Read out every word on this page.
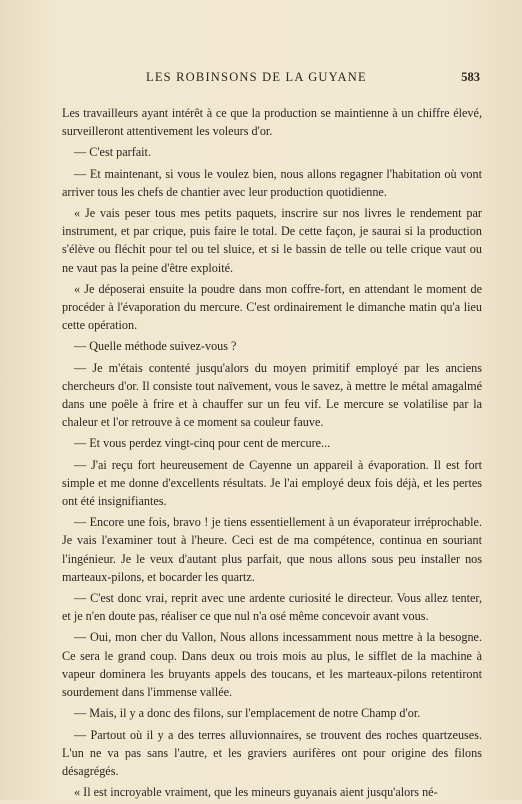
LES ROBINSONS DE LA GUYANE	583

Les travailleurs ayant intérêt à ce que la production se maintienne à un chiffre élevé, surveilleront attentivement les voleurs d'or.

— C'est parfait.

— Et maintenant, si vous le voulez bien, nous allons regagner l'habitation où vont arriver tous les chefs de chantier avec leur production quotidienne.

« Je vais peser tous mes petits paquets, inscrire sur nos livres le rendement par instrument, et par crique, puis faire le total. De cette façon, je saurai si la production s'élève ou fléchit pour tel ou tel sluice, et si le bassin de telle ou telle crique vaut ou ne vaut pas la peine d'être exploité.

« Je déposerai ensuite la poudre dans mon coffre-fort, en attendant le moment de procéder à l'évaporation du mercure. C'est ordinairement le dimanche matin qu'a lieu cette opération.

— Quelle méthode suivez-vous ?

— Je m'étais contenté jusqu'alors du moyen primitif employé par les anciens chercheurs d'or. Il consiste tout naïvement, vous le savez, à mettre le métal amagalmé dans une poêle à frire et à chauffer sur un feu vif. Le mercure se volatilise par la chaleur et l'or retrouve à ce moment sa couleur fauve.

— Et vous perdez vingt-cinq pour cent de mercure...

— J'ai reçu fort heureusement de Cayenne un appareil à évaporation. Il est fort simple et me donne d'excellents résultats. Je l'ai employé deux fois déjà, et les pertes ont été insignifiantes.

— Encore une fois, bravo ! je tiens essentiellement à un évaporateur irréprochable. Je vais l'examiner tout à l'heure. Ceci est de ma compétence, continua en souriant l'ingénieur. Je le veux d'autant plus parfait, que nous allons sous peu installer nos marteaux-pilons, et bocarder les quartz.

— C'est donc vrai, reprit avec une ardente curiosité le directeur. Vous allez tenter, et je n'en doute pas, réaliser ce que nul n'a osé même concevoir avant vous.

— Oui, mon cher du Vallon, Nous allons incessamment nous mettre à la besogne. Ce sera le grand coup. Dans deux ou trois mois au plus, le sifflet de la machine à vapeur dominera les bruyants appels des toucans, et les marteaux-pilons retentiront sourdement dans l'immense vallée.

— Mais, il y a donc des filons, sur l'emplacement de notre Champ d'or.

— Partout où il y a des terres alluvionnaires, se trouvent des roches quartzeuses. L'un ne va pas sans l'autre, et les graviers aurifères ont pour origine des filons désagrégés.

« Il est incroyable vraiment, que les mineurs guyanais aient jusqu'alors né-
